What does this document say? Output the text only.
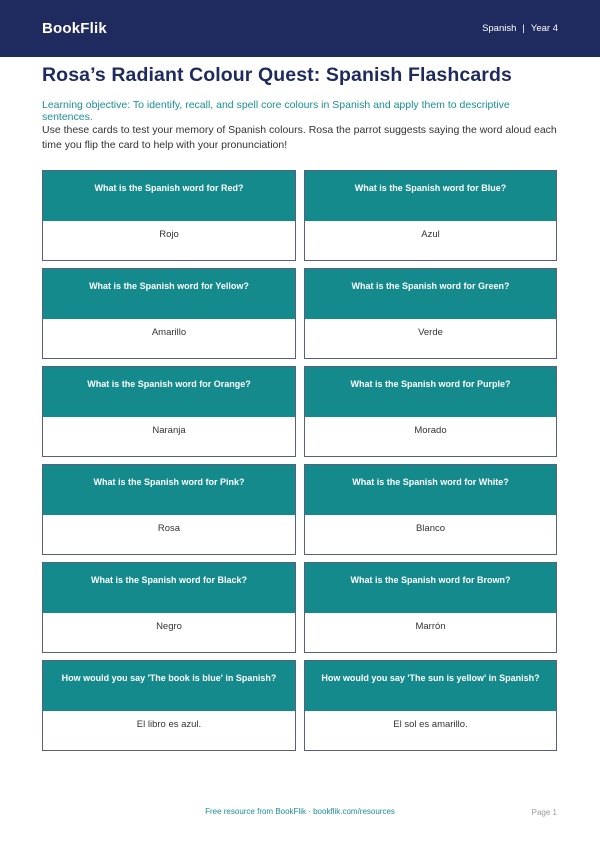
BookFlik	Spanish | Year 4
Rosa’s Radiant Colour Quest: Spanish Flashcards

Learning objective: To identify, recall, and spell core colours in Spanish and apply them to descriptive sentences.

Use these cards to test your memory of Spanish colours. Rosa the parrot suggests saying the word aloud each time you flip the card to help with your pronunciation!

What is the Spanish word for Red?
Rojo
What is the Spanish word for Blue?
Azul
What is the Spanish word for Yellow?
Amarillo
What is the Spanish word for Green?
Verde
What is the Spanish word for Orange?
Naranja
What is the Spanish word for Purple?
Morado
What is the Spanish word for Pink?
Rosa
What is the Spanish word for White?
Blanco
What is the Spanish word for Black?
Negro
What is the Spanish word for Brown?
Marrón
How would you say 'The book is blue' in Spanish?
El libro es azul.
How would you say 'The sun is yellow' in Spanish?
El sol es amarillo.
Free resource from BookFlik · bookflik.com/resources	Page 1
